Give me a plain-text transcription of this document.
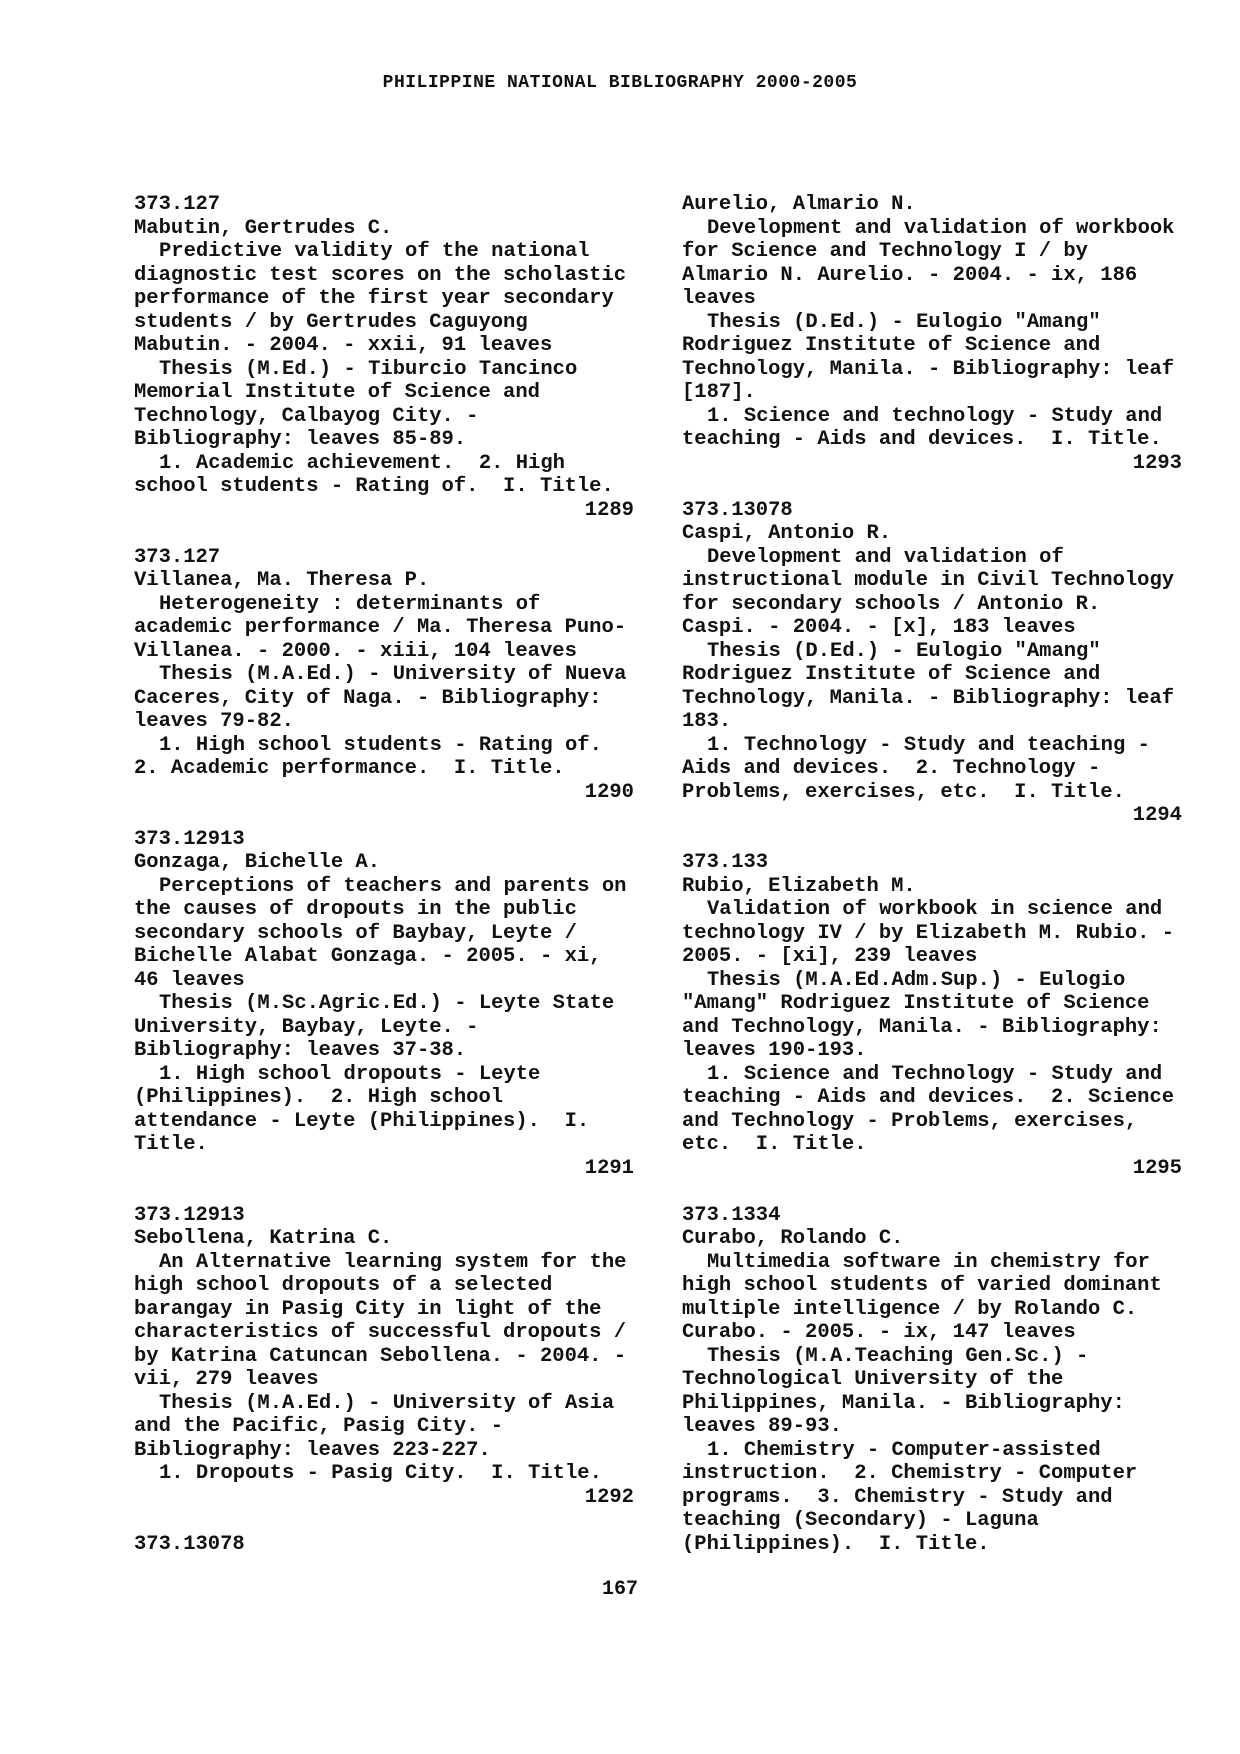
PHILIPPINE NATIONAL BIBLIOGRAPHY 2000-2005
373.127
Mabutin, Gertrudes C.
Predictive validity of the national
diagnostic test scores on the scholastic
performance of the first year secondary
students / by Gertrudes Caguyong
Mabutin. - 2004. - xxii, 91 leaves
Thesis (M.Ed.) - Tiburcio Tancinco
Memorial Institute of Science and
Technology, Calbayog City. -
Bibliography: leaves 85-89.
1. Academic achievement.  2. High
school students - Rating of.  I. Title.
1289
373.127
Villanea, Ma. Theresa P.
Heterogeneity : determinants of
academic performance / Ma. Theresa Puno-
Villanea. - 2000. - xiii, 104 leaves
Thesis (M.A.Ed.) - University of Nueva
Caceres, City of Naga. - Bibliography:
leaves 79-82.
1. High school students - Rating of.
2. Academic performance.  I. Title.
1290
373.12913
Gonzaga, Bichelle A.
Perceptions of teachers and parents on
the causes of dropouts in the public
secondary schools of Baybay, Leyte /
Bichelle Alabat Gonzaga. - 2005. - xi,
46 leaves
Thesis (M.Sc.Agric.Ed.) - Leyte State
University, Baybay, Leyte. -
Bibliography: leaves 37-38.
1. High school dropouts - Leyte
(Philippines).  2. High school
attendance - Leyte (Philippines).  I.
Title.
1291
373.12913
Sebollena, Katrina C.
An Alternative learning system for the
high school dropouts of a selected
barangay in Pasig City in light of the
characteristics of successful dropouts /
by Katrina Catuncan Sebollena. - 2004. -
vii, 279 leaves
Thesis (M.A.Ed.) - University of Asia
and the Pacific, Pasig City. -
Bibliography: leaves 223-227.
1. Dropouts - Pasig City.  I. Title.
1292
373.13078
Aurelio, Almario N.
Development and validation of workbook
for Science and Technology I / by
Almario N. Aurelio. - 2004. - ix, 186
leaves
Thesis (D.Ed.) - Eulogio "Amang"
Rodriguez Institute of Science and
Technology, Manila. - Bibliography: leaf
[187].
1. Science and technology - Study and
teaching - Aids and devices.  I. Title.
1293
373.13078
Caspi, Antonio R.
Development and validation of
instructional module in Civil Technology
for secondary schools / Antonio R.
Caspi. - 2004. - [x], 183 leaves
Thesis (D.Ed.) - Eulogio "Amang"
Rodriguez Institute of Science and
Technology, Manila. - Bibliography: leaf
183.
1. Technology - Study and teaching -
Aids and devices.  2. Technology -
Problems, exercises, etc.  I. Title.
1294
373.133
Rubio, Elizabeth M.
Validation of workbook in science and
technology IV / by Elizabeth M. Rubio. -
2005. - [xi], 239 leaves
Thesis (M.A.Ed.Adm.Sup.) - Eulogio
"Amang" Rodriguez Institute of Science
and Technology, Manila. - Bibliography:
leaves 190-193.
1. Science and Technology - Study and
teaching - Aids and devices.  2. Science
and Technology - Problems, exercises,
etc.  I. Title.
1295
373.1334
Curabo, Rolando C.
Multimedia software in chemistry for
high school students of varied dominant
multiple intelligence / by Rolando C.
Curabo. - 2005. - ix, 147 leaves
Thesis (M.A.Teaching Gen.Sc.) -
Technological University of the
Philippines, Manila. - Bibliography:
leaves 89-93.
1. Chemistry - Computer-assisted
instruction.  2. Chemistry - Computer
programs.  3. Chemistry - Study and
teaching (Secondary) - Laguna
(Philippines).  I. Title.
167
